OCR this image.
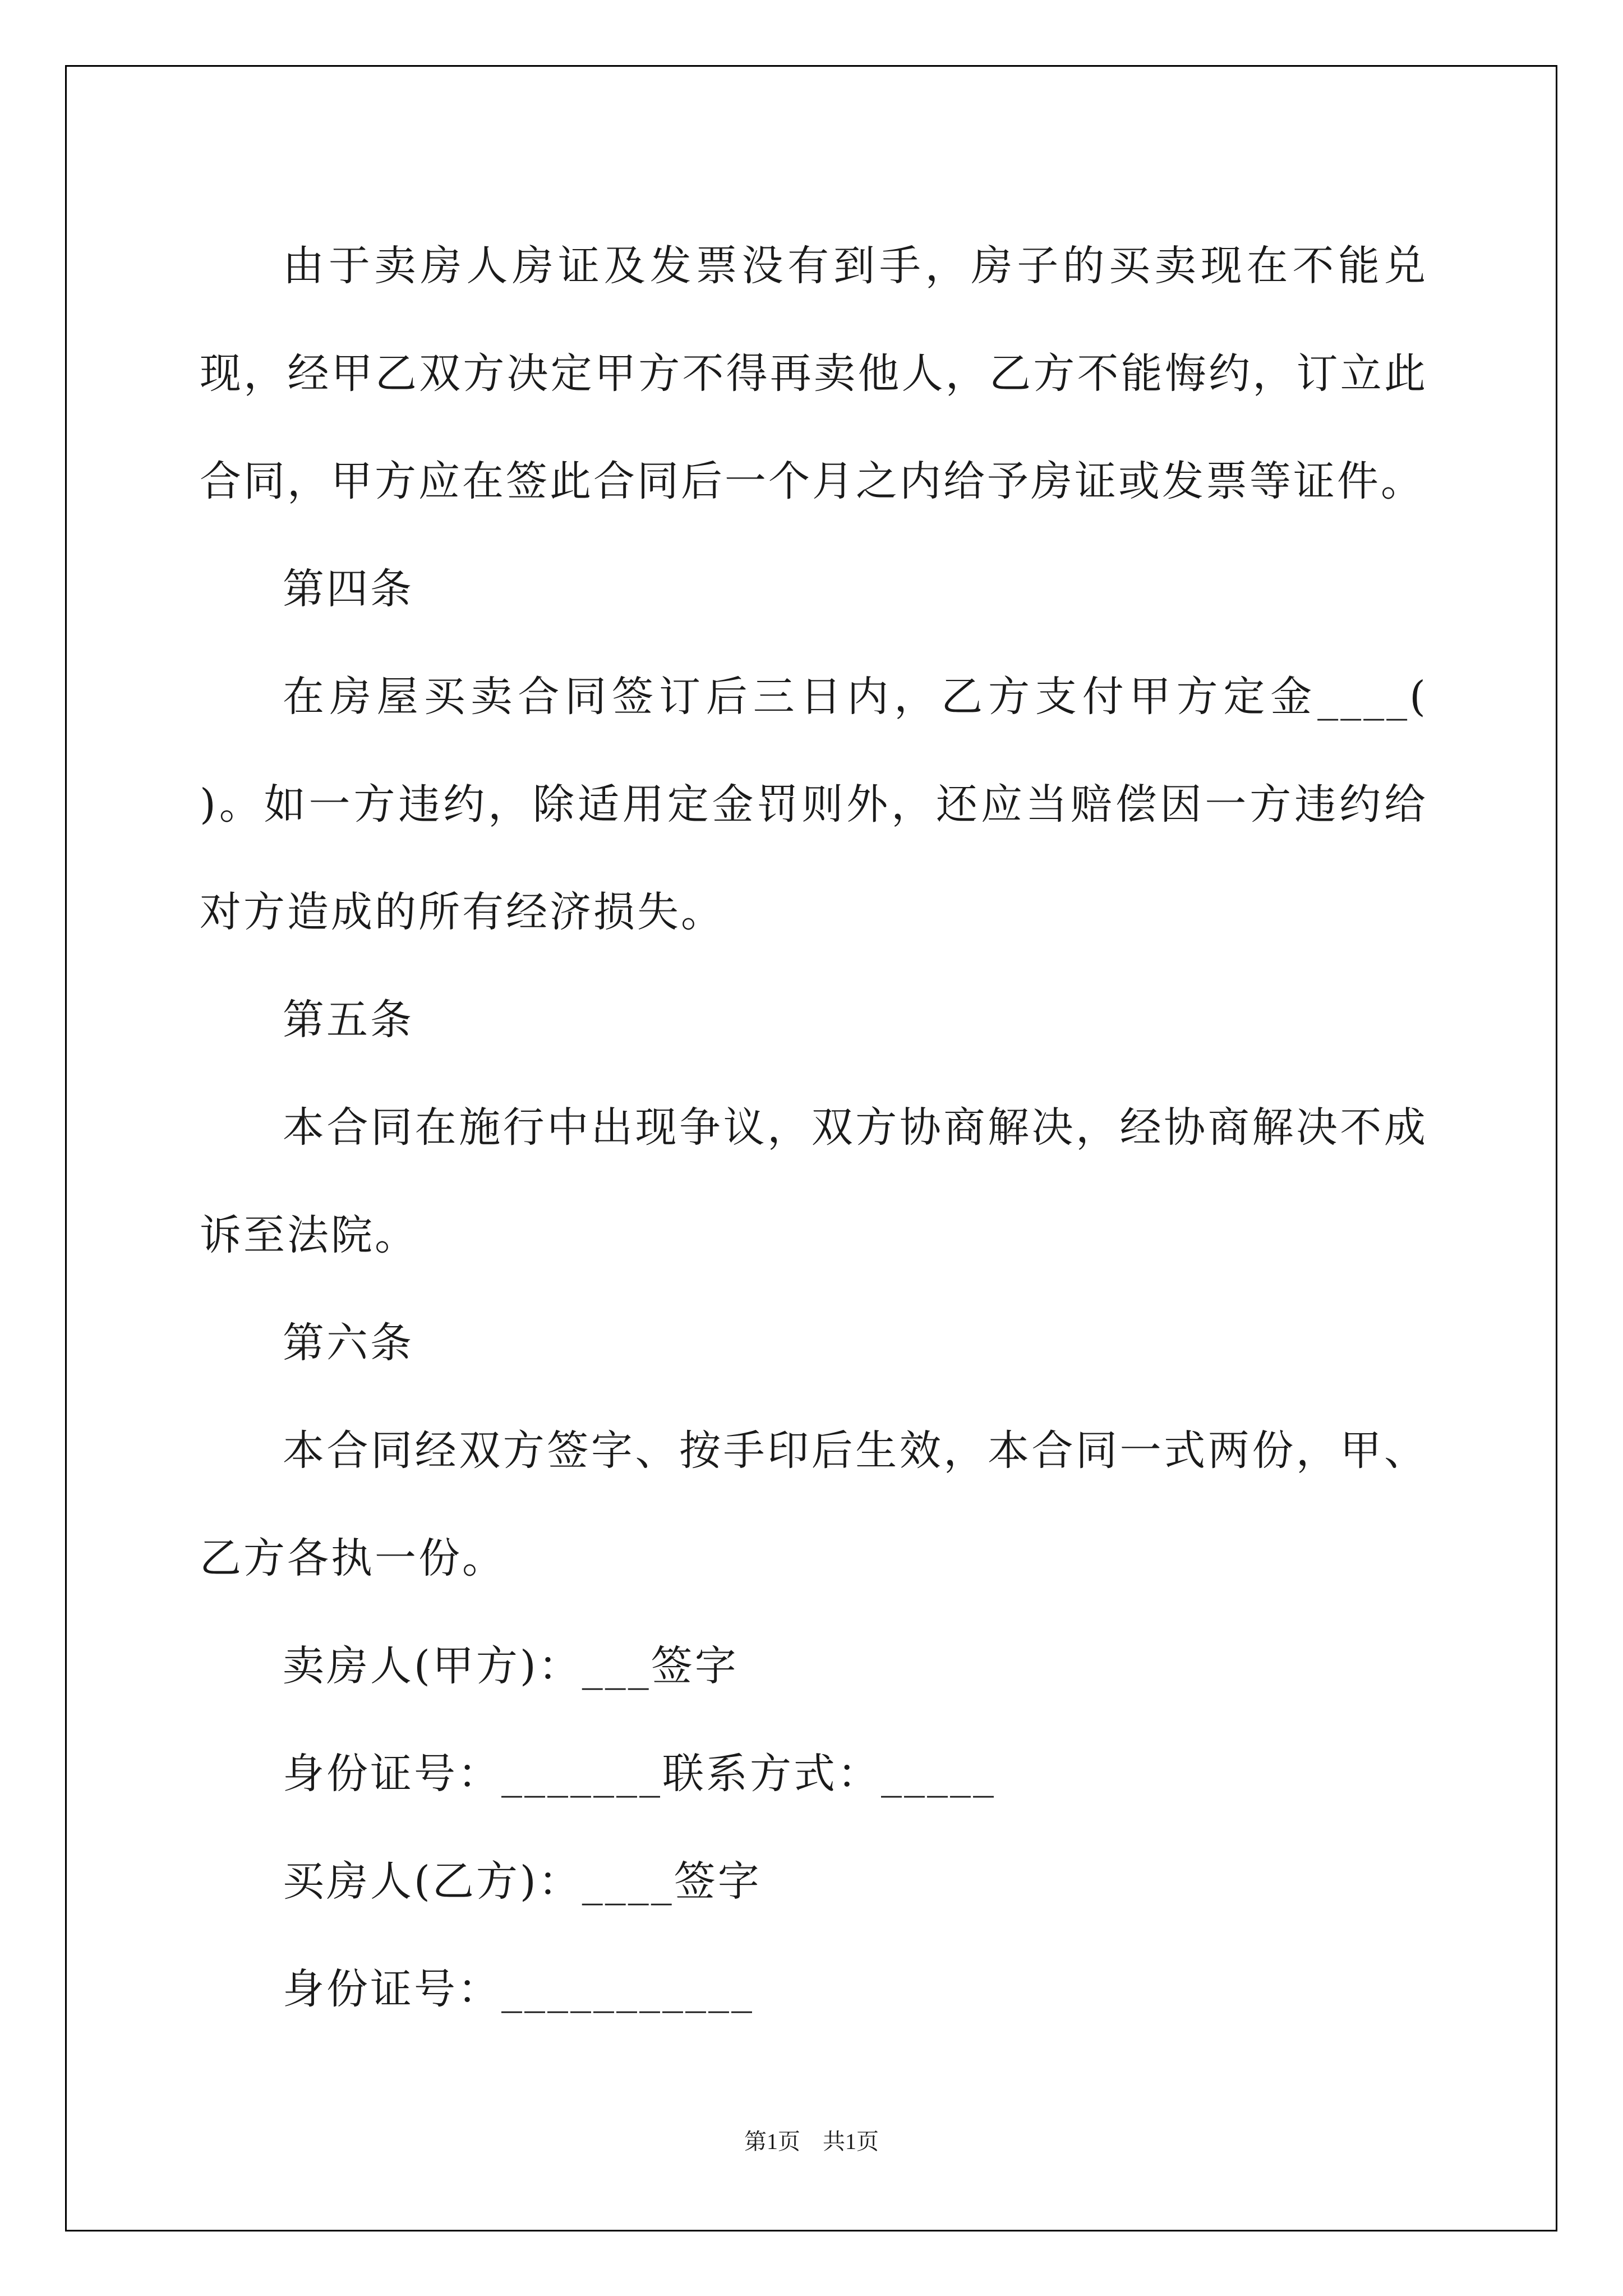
由于卖房人房证及发票没有到手，房子的买卖现在不能兑现，经甲乙双方决定甲方不得再卖他人，乙方不能悔约，订立此合同，甲方应在签此合同后一个月之内给予房证或发票等证件。

第四条

在房屋买卖合同签订后三日内，乙方支付甲方定金____( )。如一方违约，除适用定金罚则外，还应当赔偿因一方违约给对方造成的所有经济损失。

第五条

本合同在施行中出现争议，双方协商解决，经协商解决不成诉至法院。

第六条

本合同经双方签字、按手印后生效，本合同一式两份，甲、乙方各执一份。

卖房人(甲方)：___签字

身份证号：_______联系方式：_____

买房人(乙方)：____签字

身份证号：___________

第1页　共1页
